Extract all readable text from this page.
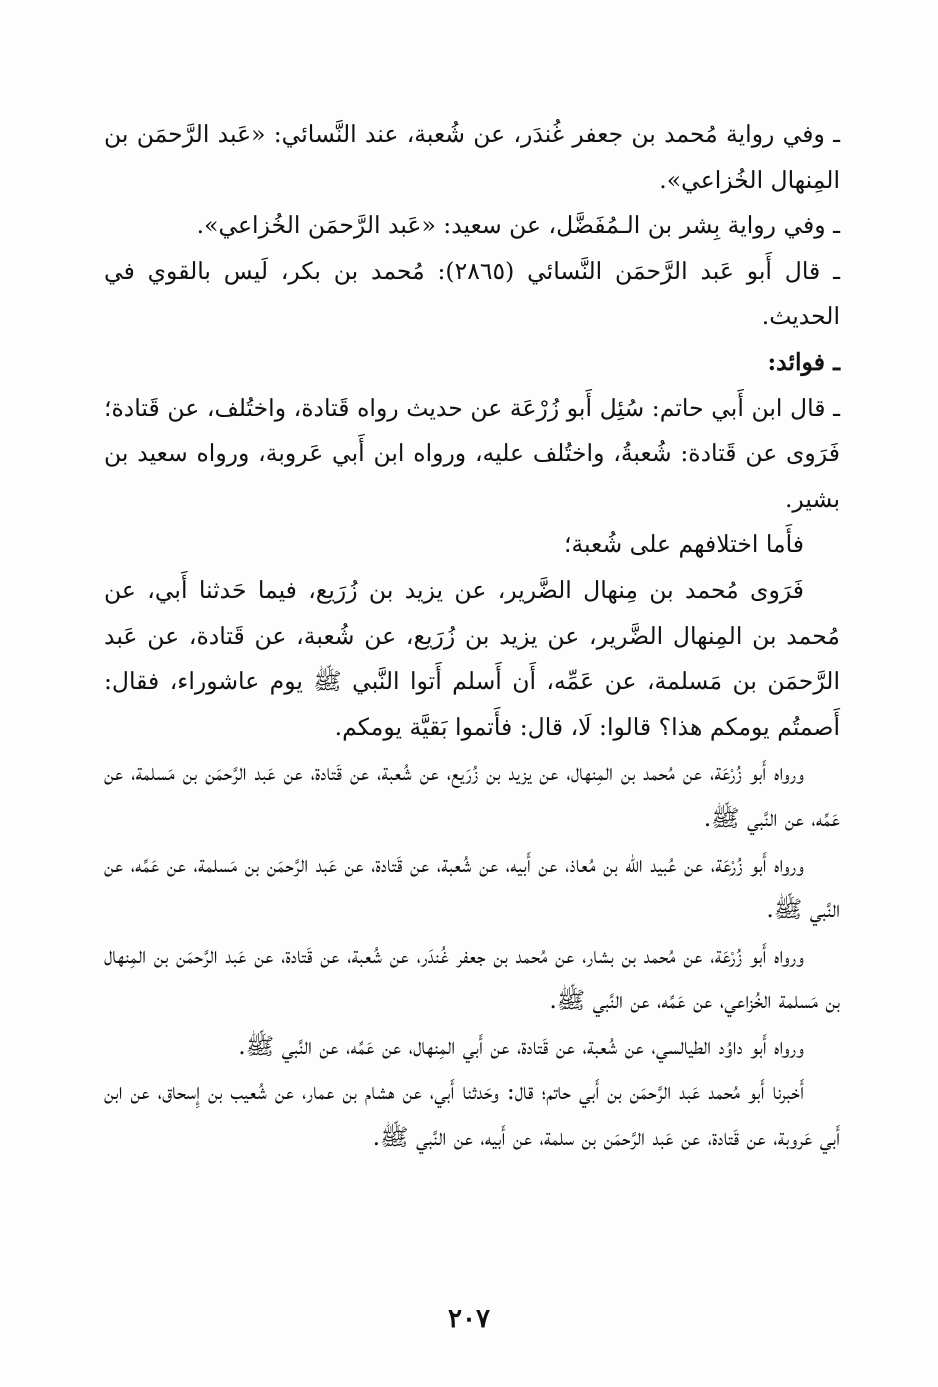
ـ وفي رواية مُحمد بن جعفر غُندَر، عن شُعبة، عند النَّسائي: «عَبد الرَّحمَن بن المِنهال الخُزاعي».

ـ وفي رواية بِشر بن الـمُفَضَّل، عن سعيد: «عَبد الرَّحمَن الخُزاعي».

ـ قال أَبو عَبد الرَّحمَن النَّسائي (٢٨٦٥): مُحمد بن بكر، لَيس بالقوي في الحديث.

ـ فوائد:

ـ قال ابن أَبي حاتم: سُئِل أَبو زُرْعَة عن حديث رواه قَتادة، واختُلف، عن قَتادة؛ فَرَوى عن قَتادة: شُعبةُ، واختُلف عليه، ورواه ابن أَبي عَروبة، ورواه سعيد بن بشير.

فأَما اختلافهم على شُعبة؛

فَرَوى مُحمد بن مِنهال الضَّرير، عن يزيد بن زُرَيع، فيما حَدثنا أَبي، عن مُحمد بن المِنهال الضَّرير، عن يزيد بن زُرَيع، عن شُعبة، عن قَتادة، عن عَبد الرَّحمَن بن مَسلمة، عن عَمِّه، أَن أَسلم أَتوا النَّبي ﷺ يوم عاشوراء، فقال: أَصمتُم يومكم هذا؟ قالوا: لَا، قال: فأَتموا بَقيَّة يومكم.

ورواه أَبو زُرْعَة، عن مُحمد بن المِنهال، عن يزيد بن زُرَيع، عن شُعبة، عن قَتادة، عن عَبد الرَّحمَن بن مَسلمة، عن عَمِّه، عن النَّبي ﷺ.

ورواه أَبو زُرْعَة، عن عُبيد الله بن مُعاذ، عن أَبيه، عن شُعبة، عن قَتادة، عن عَبد الرَّحمَن بن مَسلمة، عن عَمِّه، عن النَّبي ﷺ.

ورواه أَبو زُرْعَة، عن مُحمد بن بشار، عن مُحمد بن جعفر غُندَر، عن شُعبة، عن قَتادة، عن عَبد الرَّحمَن بن المِنهال بن مَسلمة الخُزاعي، عن عَمِّه، عن النَّبي ﷺ.

ورواه أَبو داوُد الطيالسي، عن شُعبة، عن قَتادة، عن أَبي المِنهال، عن عَمِّه، عن النَّبي ﷺ.

أَخبرنا أَبو مُحمد عَبد الرَّحمَن بن أَبي حاتم؛ قال: وحَدثنا أَبي، عن هشام بن عمار، عن شُعيب بن إِسحاق، عن ابن أَبي عَروبة، عن قَتادة، عن عَبد الرَّحمَن بن سلمة، عن أَبيه، عن النَّبي ﷺ.

٢٠٧
